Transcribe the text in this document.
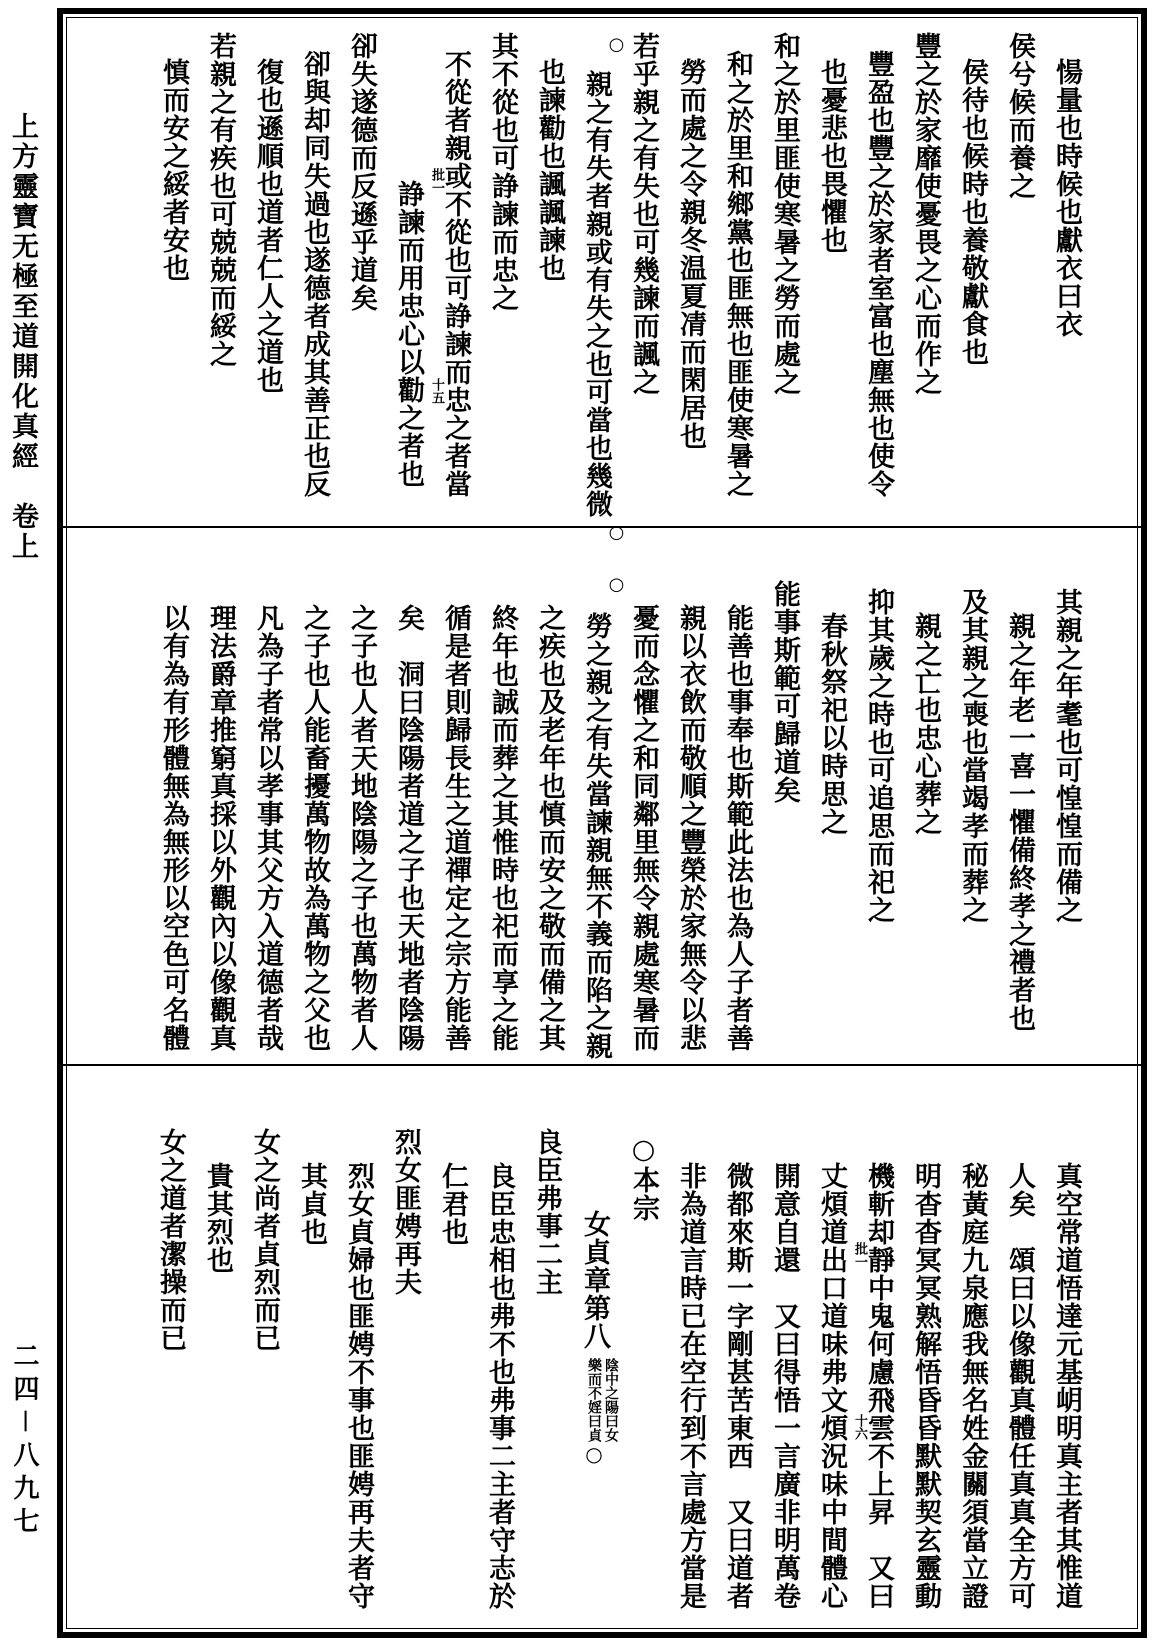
上方靈寶无極至道開化真經　卷上
二四－八九七
愓量也時候也獻衣曰衣
侯兮候而養之
侯待也候時也養敬獻食也
豐之於家靡使憂畏之心而作之
豐盈也豐之於家者室富也塵無也使令
也憂悲也畏懼也
和之於里匪使寒暑之勞而處之
和之於里和鄉黨也匪無也匪使寒暑之
勞而處之令親冬温夏凊而閑居也
若乎親之有失也可幾諫而諷之
親之有失者親或有失之也可當也幾微
○
○
也諫勸也諷諷諫也
其不從也可諍諫而忠之
不從者親或不從也可諍諫而忠之者當
諍諫而用忠心以勸之者也 批一
十五
卻失遂德而反遜乎道矣
卻與却同失過也遂德者成其善正也反
復也遜順也道者仁人之道也
若親之有疾也可兢兢而綏之
慎而安之綏者安也
其親之年耄也可惶惶而備之
親之年老一喜一懼備終孝之禮者也
及其親之喪也當竭孝而葬之
親之亡也忠心葬之
抑其歲之時也可追思而祀之
春秋祭祀以時思之
能事斯範可歸道矣
能善也事奉也斯範此法也為人子者善
親以衣飲而敬順之豐榮於家無令以悲
憂而念懼之和同鄰里無令親處寒暑而
勞之親之有失當諫親無不義而陷之親
○
之疾也及老年也慎而安之敬而備之其
終年也誠而葬之其惟時也祀而享之能
循是者則歸長生之道禪定之宗方能善
矣　洞曰陰陽者道之子也天地者陰陽
之子也人者天地陰陽之子也萬物者人
之子也人能畜擾萬物故為萬物之父也
凡為子者常以孝事其父方入道德者哉
理法爵章推窮真採以外觀內以像觀真
以有為有形體無為無形以空色可名體
真空常道悟達元基岄明真主者其惟道
人矣　頌曰以像觀真體任真真全方可
秘黃庭九泉應我無名姓金關須當立證
明杳杳冥冥熟解悟昏昏默默契玄靈動
機斬却靜中鬼何慮飛雲不上昇　又曰
丈煩道出口道味弗文煩況味中間體心 批一
十六
開意自還　又曰得悟一言廣非明萬卷
微都來斯一字剛甚苦東西　又曰道者
非為道言時已在空行到不言處方當是
○本宗
女貞章第八
陰中之陽曰女
樂而不婬曰貞
○
良臣弗事二主
良臣忠相也弗不也弗事二主者守志於
仁君也
烈女匪娉再夫
烈女貞婦也匪娉不事也匪娉再夫者守
其貞也
女之尚者貞烈而已
貴其烈也
女之道者潔操而已
